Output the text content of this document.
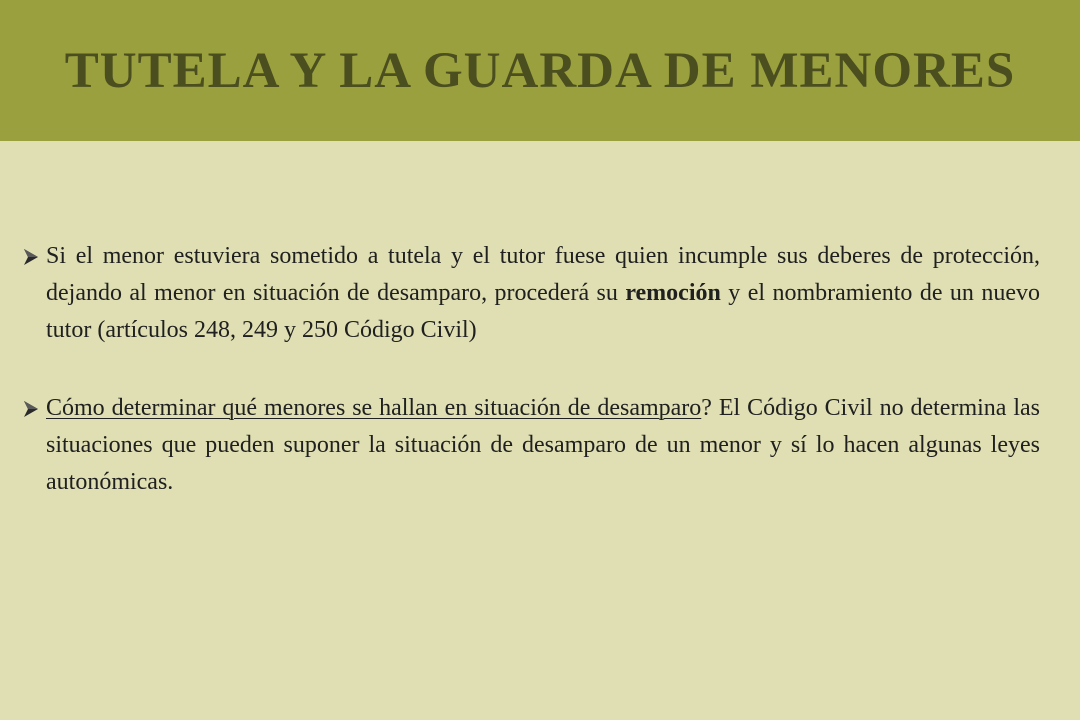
TUTELA Y LA GUARDA DE MENORES

Si el menor estuviera sometido a tutela y el tutor fuese quien incumple sus deberes de protección, dejando al menor en situación de desamparo, procederá su remoción y el nombramiento de un nuevo tutor (artículos 248, 249 y 250 Código Civil)

Cómo determinar qué menores se hallan en situación de desamparo? El Código Civil no determina las situaciones que pueden suponer la situación de desamparo de un menor y sí lo hacen algunas leyes autonómicas.
